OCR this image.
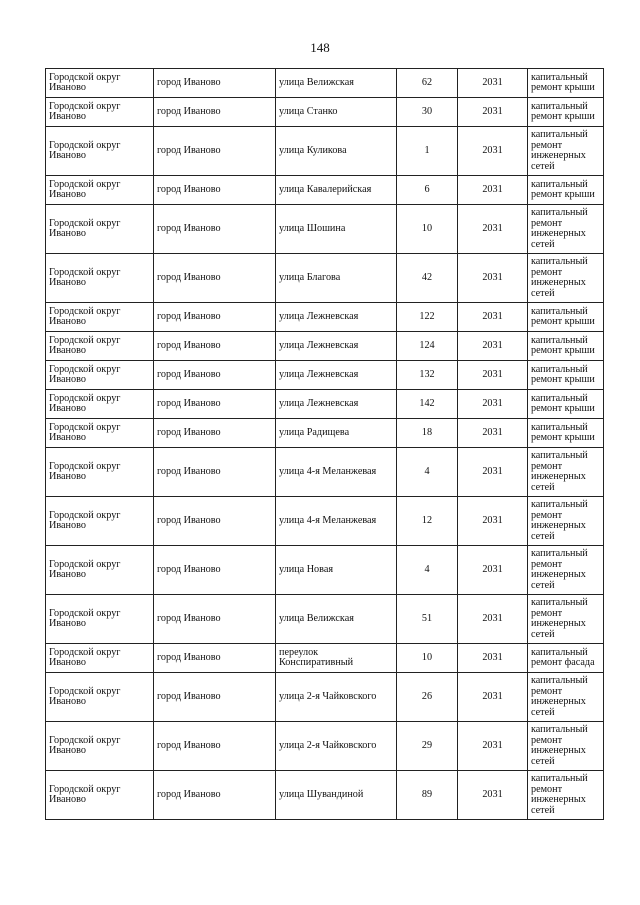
148
Городской округ Иваново	город Иваново	улица Велижская	62	2031	капитальный ремонт крыши
Городской округ Иваново	город Иваново	улица Станко	30	2031	капитальный ремонт крыши
Городской округ Иваново	город Иваново	улица Куликова	1	2031	капитальный ремонт инженерных сетей
Городской округ Иваново	город Иваново	улица Кавалерийская	6	2031	капитальный ремонт крыши
Городской округ Иваново	город Иваново	улица Шошина	10	2031	капитальный ремонт инженерных сетей
Городской округ Иваново	город Иваново	улица Благова	42	2031	капитальный ремонт инженерных сетей
Городской округ Иваново	город Иваново	улица Лежневская	122	2031	капитальный ремонт крыши
Городской округ Иваново	город Иваново	улица Лежневская	124	2031	капитальный ремонт крыши
Городской округ Иваново	город Иваново	улица Лежневская	132	2031	капитальный ремонт крыши
Городской округ Иваново	город Иваново	улица Лежневская	142	2031	капитальный ремонт крыши
Городской округ Иваново	город Иваново	улица Радищева	18	2031	капитальный ремонт крыши
Городской округ Иваново	город Иваново	улица 4-я Меланжевая	4	2031	капитальный ремонт инженерных сетей
Городской округ Иваново	город Иваново	улица 4-я Меланжевая	12	2031	капитальный ремонт инженерных сетей
Городской округ Иваново	город Иваново	улица Новая	4	2031	капитальный ремонт инженерных сетей
Городской округ Иваново	город Иваново	улица Велижская	51	2031	капитальный ремонт инженерных сетей
Городской округ Иваново	город Иваново	переулок Конспиративный	10	2031	капитальный ремонт фасада
Городской округ Иваново	город Иваново	улица 2-я Чайковского	26	2031	капитальный ремонт инженерных сетей
Городской округ Иваново	город Иваново	улица 2-я Чайковского	29	2031	капитальный ремонт инженерных сетей
Городской округ Иваново	город Иваново	улица Шувандиной	89	2031	капитальный ремонт инженерных сетей
